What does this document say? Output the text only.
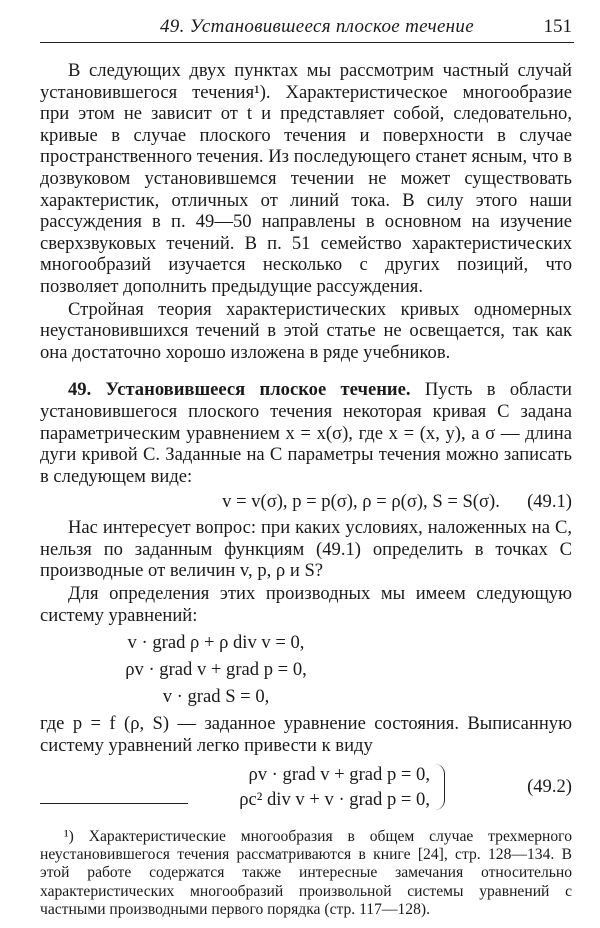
49. Установившееся плоское течение	151

В следующих двух пунктах мы рассмотрим частный случай установившегося течения¹). Характеристическое многообразие при этом не зависит от t и представляет собой, следовательно, кривые в случае плоского течения и поверхности в случае пространственного течения. Из последующего станет ясным, что в дозвуковом установившемся течении не может существовать характеристик, отличных от линий тока. В силу этого наши рассуждения в п. 49—50 направлены в основном на изучение сверхзвуковых течений. В п. 51 семейство характеристических многообразий изучается несколько с других позиций, что позволяет дополнить предыдущие рассуждения.

Стройная теория характеристических кривых одномерных неустановившихся течений в этой статье не освещается, так как она достаточно хорошо изложена в ряде учебников.

49. Установившееся плоское течение. Пусть в области установившегося плоского течения некоторая кривая C задана параметрическим уравнением x = x(σ), где x = (x, y), а σ — длина дуги кривой C. Заданные на C параметры течения можно записать в следующем виде:

v = v(σ), p = p(σ), ρ = ρ(σ), S = S(σ). (49.1)

Нас интересует вопрос: при каких условиях, наложенных на C, нельзя по заданным функциям (49.1) определить в точках C производные от величин v, p, ρ и S?

Для определения этих производных мы имеем следующую систему уравнений:

v · grad ρ + ρ div v = 0,
ρv · grad v + grad p = 0,
v · grad S = 0,

где p = f (ρ, S) — заданное уравнение состояния. Выписанную систему уравнений легко привести к виду

ρv · grad v + grad p = 0,
ρc² div v + v · grad p = 0,
(49.2)

¹) Характеристические многообразия в общем случае трехмерного неустановившегося течения рассматриваются в книге [24], стр. 128—134. В этой работе содержатся также интересные замечания относительно характеристических многообразий произвольной системы уравнений с частными производными первого порядка (стр. 117—128).
